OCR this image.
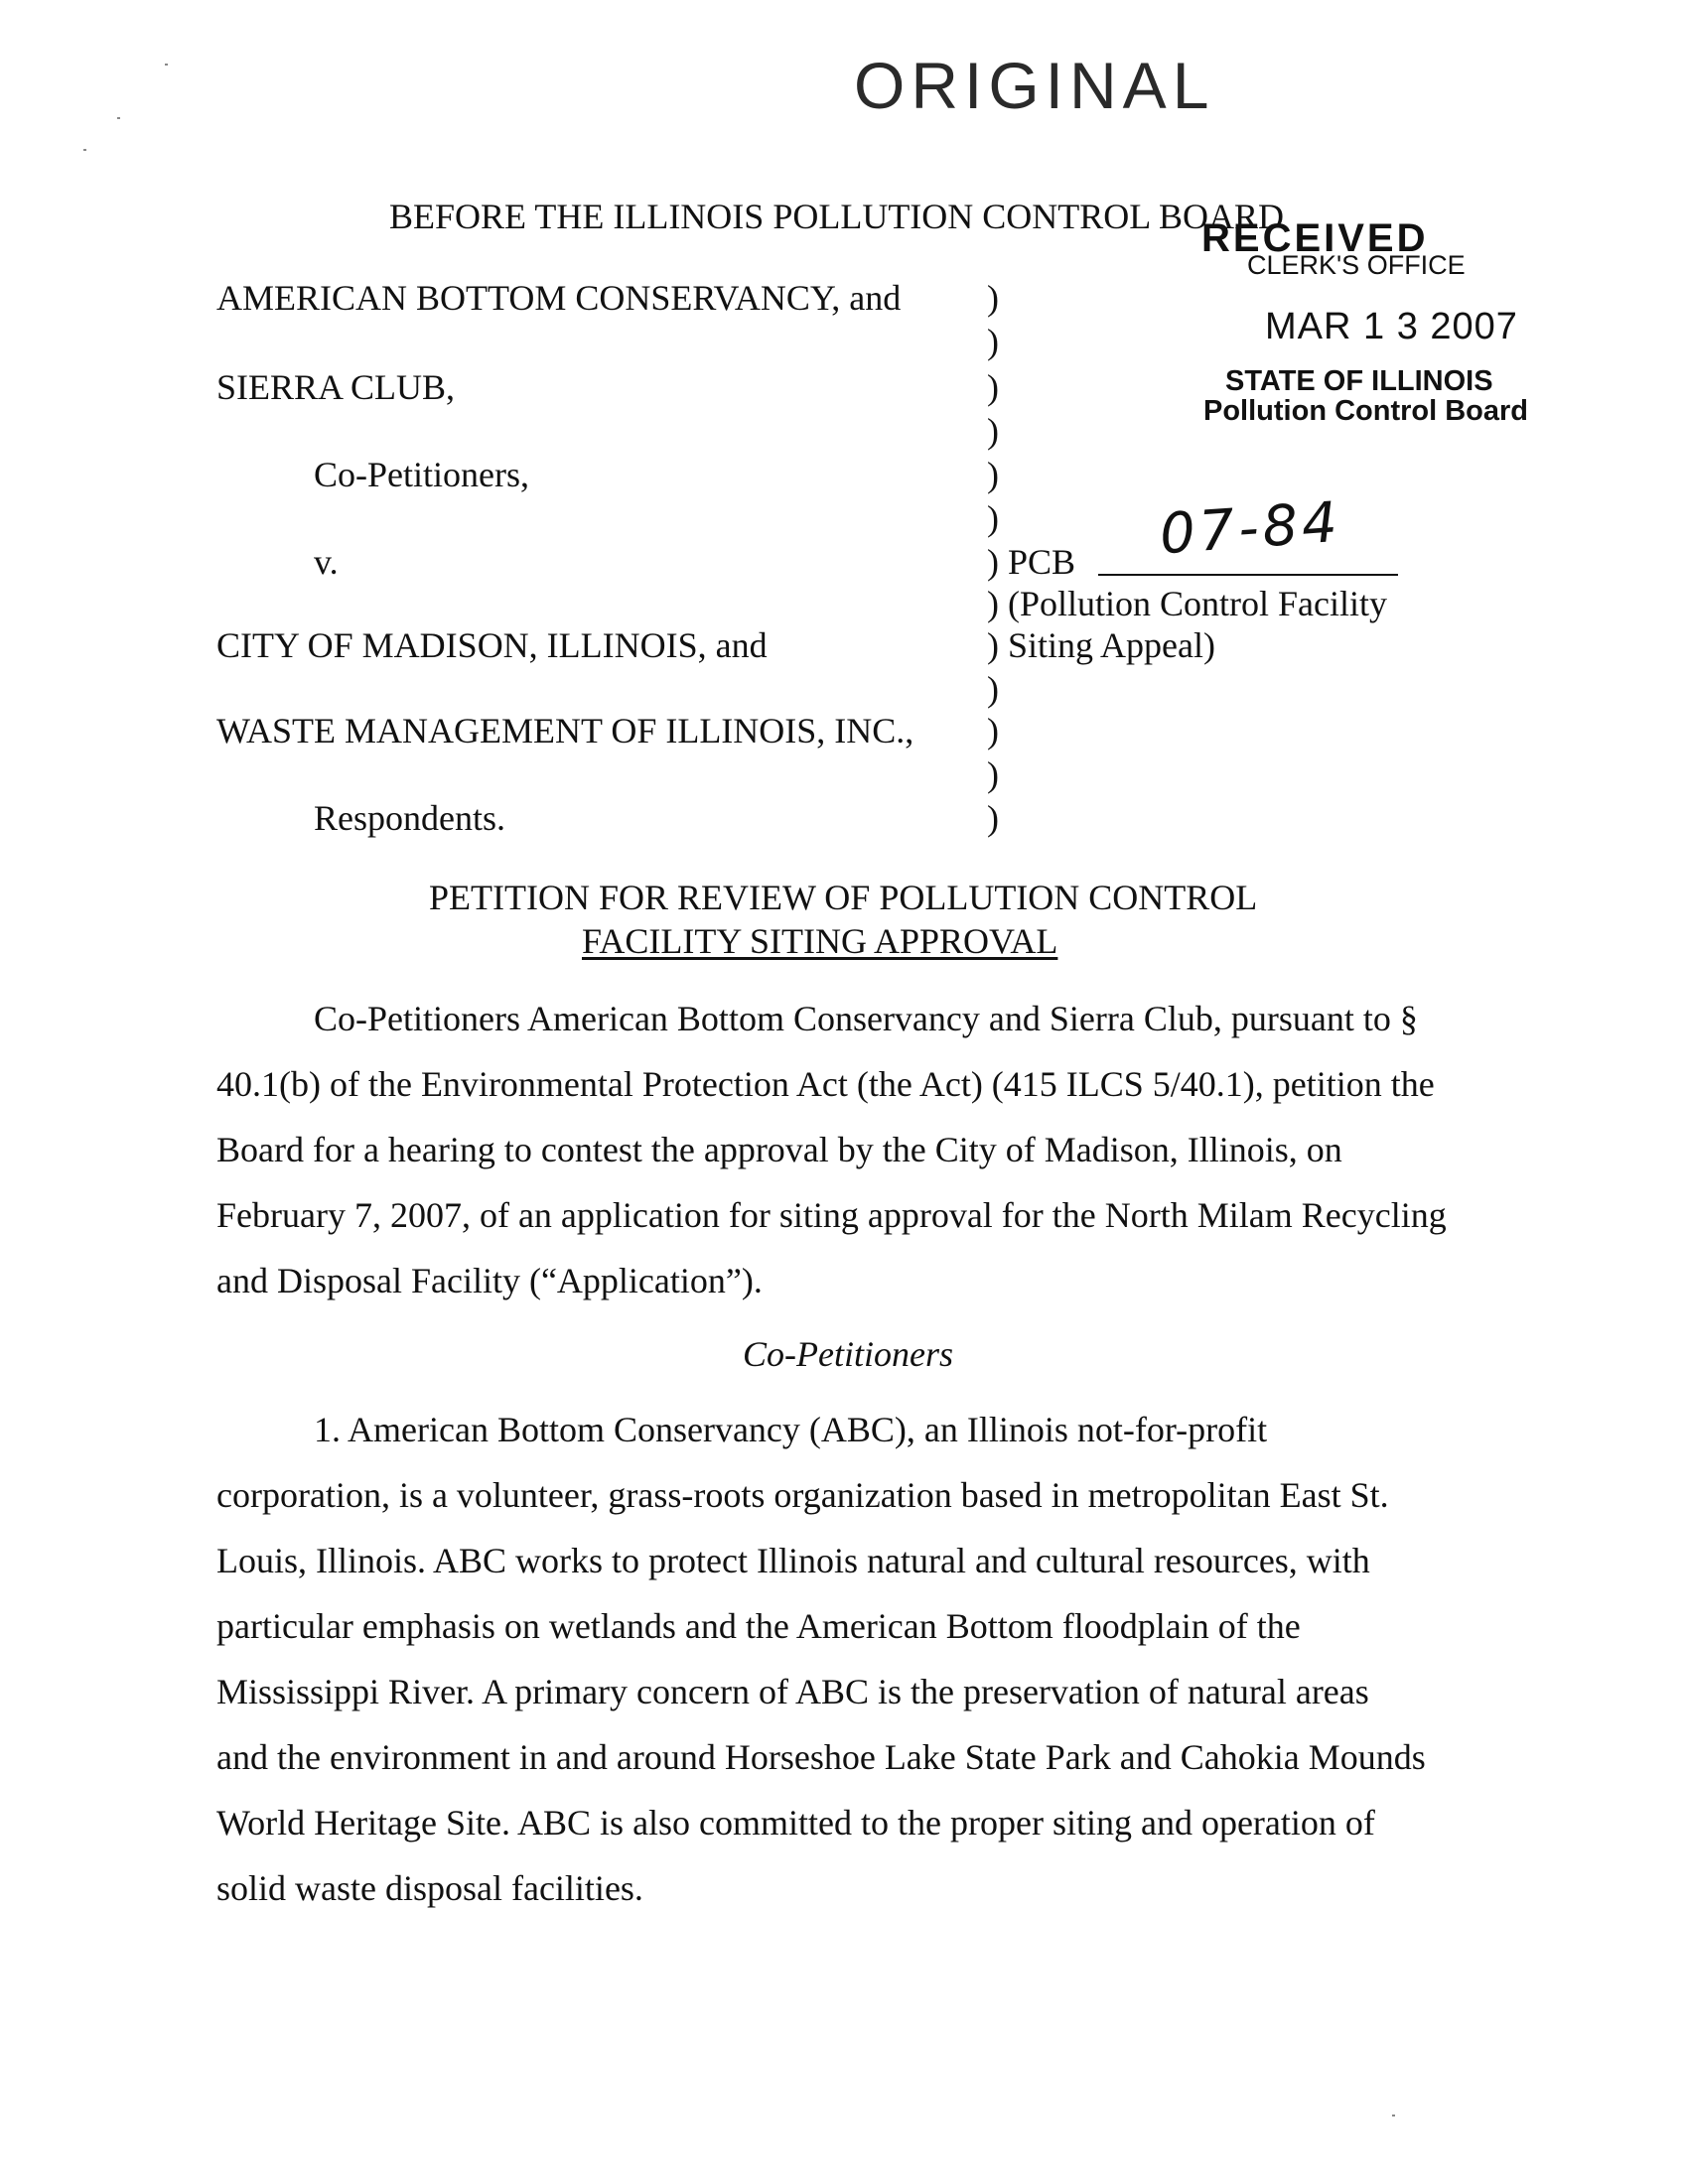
ORIGINAL
BEFORE THE ILLINOIS POLLUTION CONTROL BOARD
RECEIVED
CLERK'S OFFICE
MAR 1 3 2007
STATE OF ILLINOIS
Pollution Control Board
AMERICAN BOTTOM CONSERVANCY, and
SIERRA CLUB,
Co-Petitioners,
v.
CITY OF MADISON, ILLINOIS, and
WASTE MANAGEMENT OF ILLINOIS, INC.,
Respondents.
)
)
)
)
)
)
) PCB
) (Pollution Control Facility
) Siting Appeal)
)
)
)
)
07-84
PETITION FOR REVIEW OF POLLUTION CONTROL
FACILITY SITING APPROVAL
Co-Petitioners American Bottom Conservancy and Sierra Club, pursuant to §
40.1(b) of the Environmental Protection Act (the Act) (415 ILCS 5/40.1), petition the
Board for a hearing to contest the approval by the City of Madison, Illinois, on
February 7, 2007, of an application for siting approval for the North Milam Recycling
and Disposal Facility (“Application”).
Co-Petitioners
1. American Bottom Conservancy (ABC), an Illinois not-for-profit
corporation, is a volunteer, grass-roots organization based in metropolitan East St.
Louis, Illinois. ABC works to protect Illinois natural and cultural resources, with
particular emphasis on wetlands and the American Bottom floodplain of the
Mississippi River. A primary concern of ABC is the preservation of natural areas
and the environment in and around Horseshoe Lake State Park and Cahokia Mounds
World Heritage Site. ABC is also committed to the proper siting and operation of
solid waste disposal facilities.
